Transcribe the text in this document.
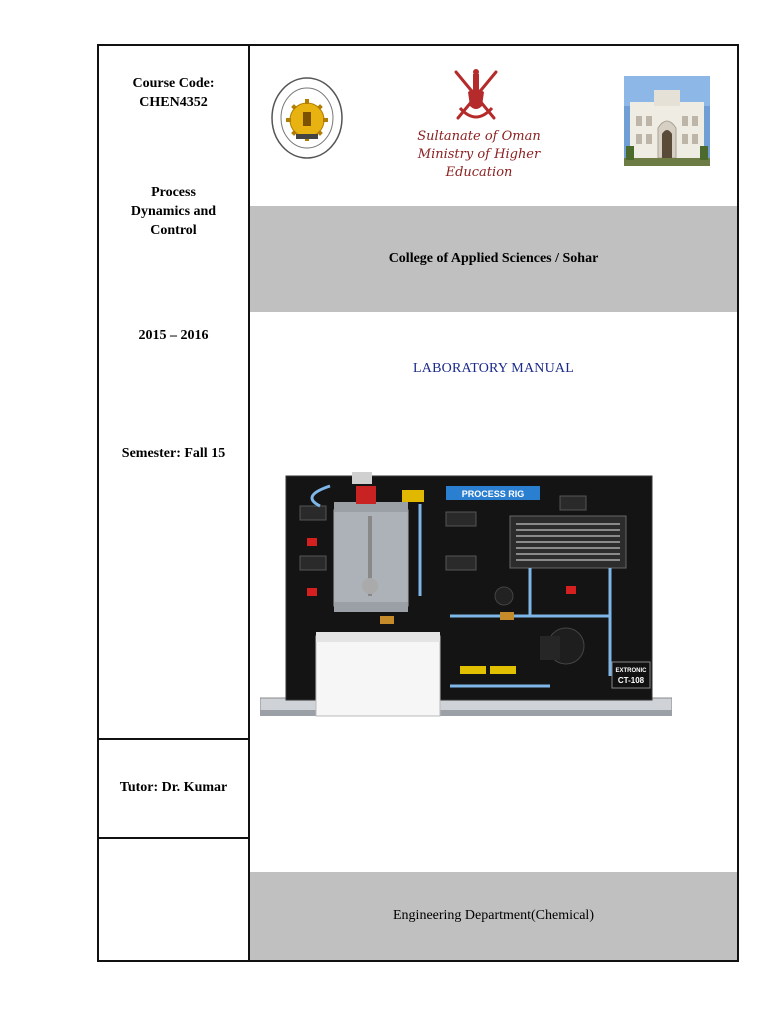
Course Code:
CHEN4352
Process
Dynamics and
Control
2015 – 2016
Semester: Fall 15
Tutor: Dr. Kumar
Sultanate of Oman
Ministry of Higher Education
College of Applied Sciences / Sohar
LABORATORY MANUAL
PROCESS RIG
EXTRONIC
CT-108
Engineering Department(Chemical)
